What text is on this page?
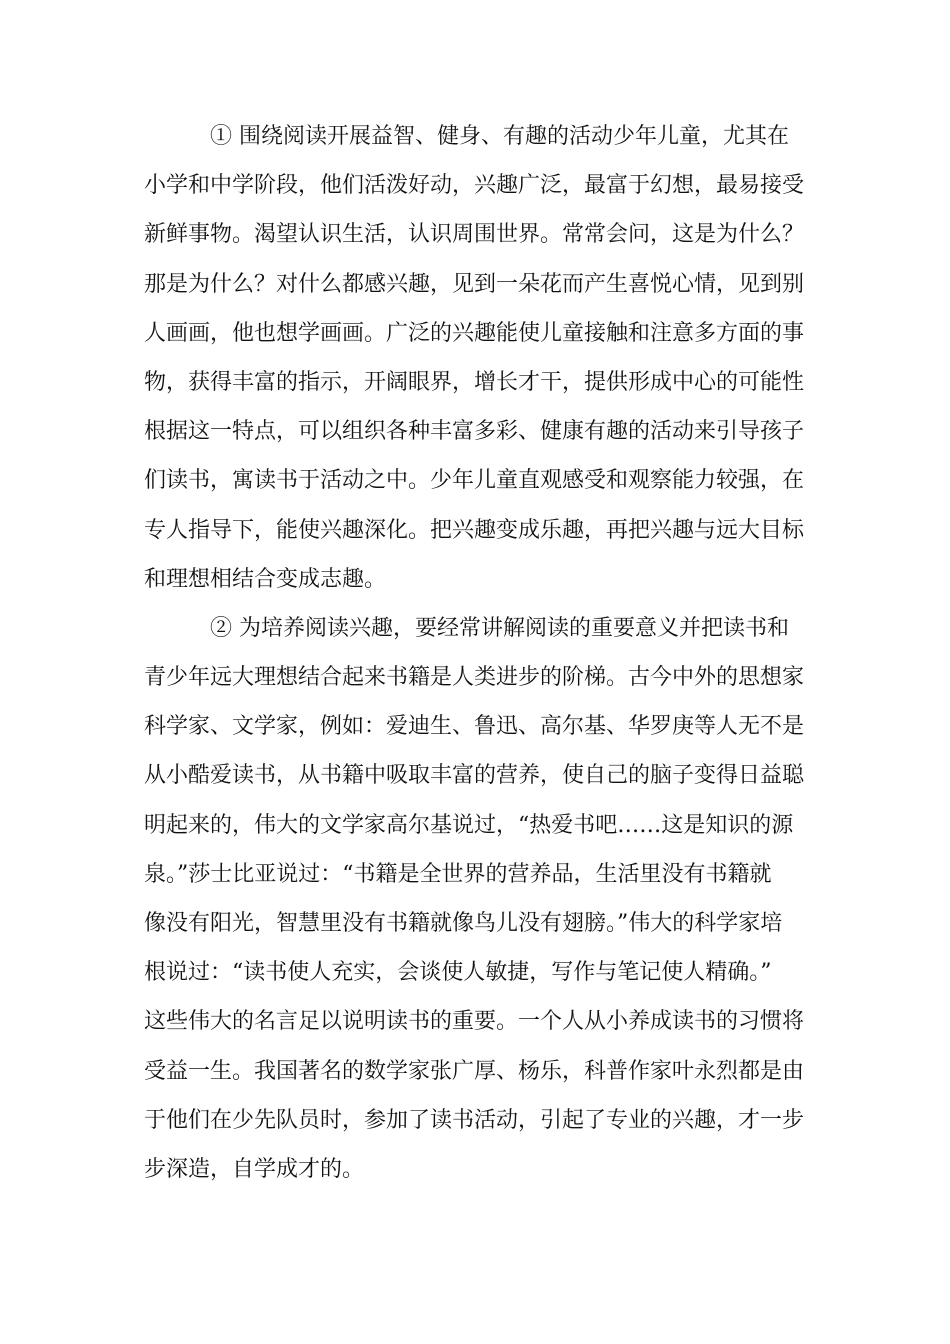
　　　① 围绕阅读开展益智、健身、有趣的活动少年儿童，尤其在
小学和中学阶段，他们活泼好动，兴趣广泛，最富于幻想，最易接受
新鲜事物。渴望认识生活，认识周围世界。常常会问，这是为什么？
那是为什么？对什么都感兴趣，见到一朵花而产生喜悦心情，见到别
人画画，他也想学画画。广泛的兴趣能使儿童接触和注意多方面的事
物，获得丰富的指示，开阔眼界，增长才干，提供形成中心的可能性
根据这一特点，可以组织各种丰富多彩、健康有趣的活动来引导孩子
们读书，寓读书于活动之中。少年儿童直观感受和观察能力较强，在
专人指导下，能使兴趣深化。把兴趣变成乐趣，再把兴趣与远大目标
和理想相结合变成志趣。
　　　② 为培养阅读兴趣，要经常讲解阅读的重要意义并把读书和
青少年远大理想结合起来书籍是人类进步的阶梯。古今中外的思想家
科学家、文学家，例如：爱迪生、鲁迅、高尔基、华罗庚等人无不是
从小酷爱读书，从书籍中吸取丰富的营养，使自己的脑子变得日益聪
明起来的，伟大的文学家高尔基说过，“热爱书吧……这是知识的源
泉。”莎士比亚说过：“书籍是全世界的营养品，生活里没有书籍就
像没有阳光，智慧里没有书籍就像鸟儿没有翅膀。”伟大的科学家培
根说过：“读书使人充实，会谈使人敏捷，写作与笔记使人精确。”
这些伟大的名言足以说明读书的重要。一个人从小养成读书的习惯将
受益一生。我国著名的数学家张广厚、杨乐，科普作家叶永烈都是由
于他们在少先队员时，参加了读书活动，引起了专业的兴趣，才一步
步深造，自学成才的。
